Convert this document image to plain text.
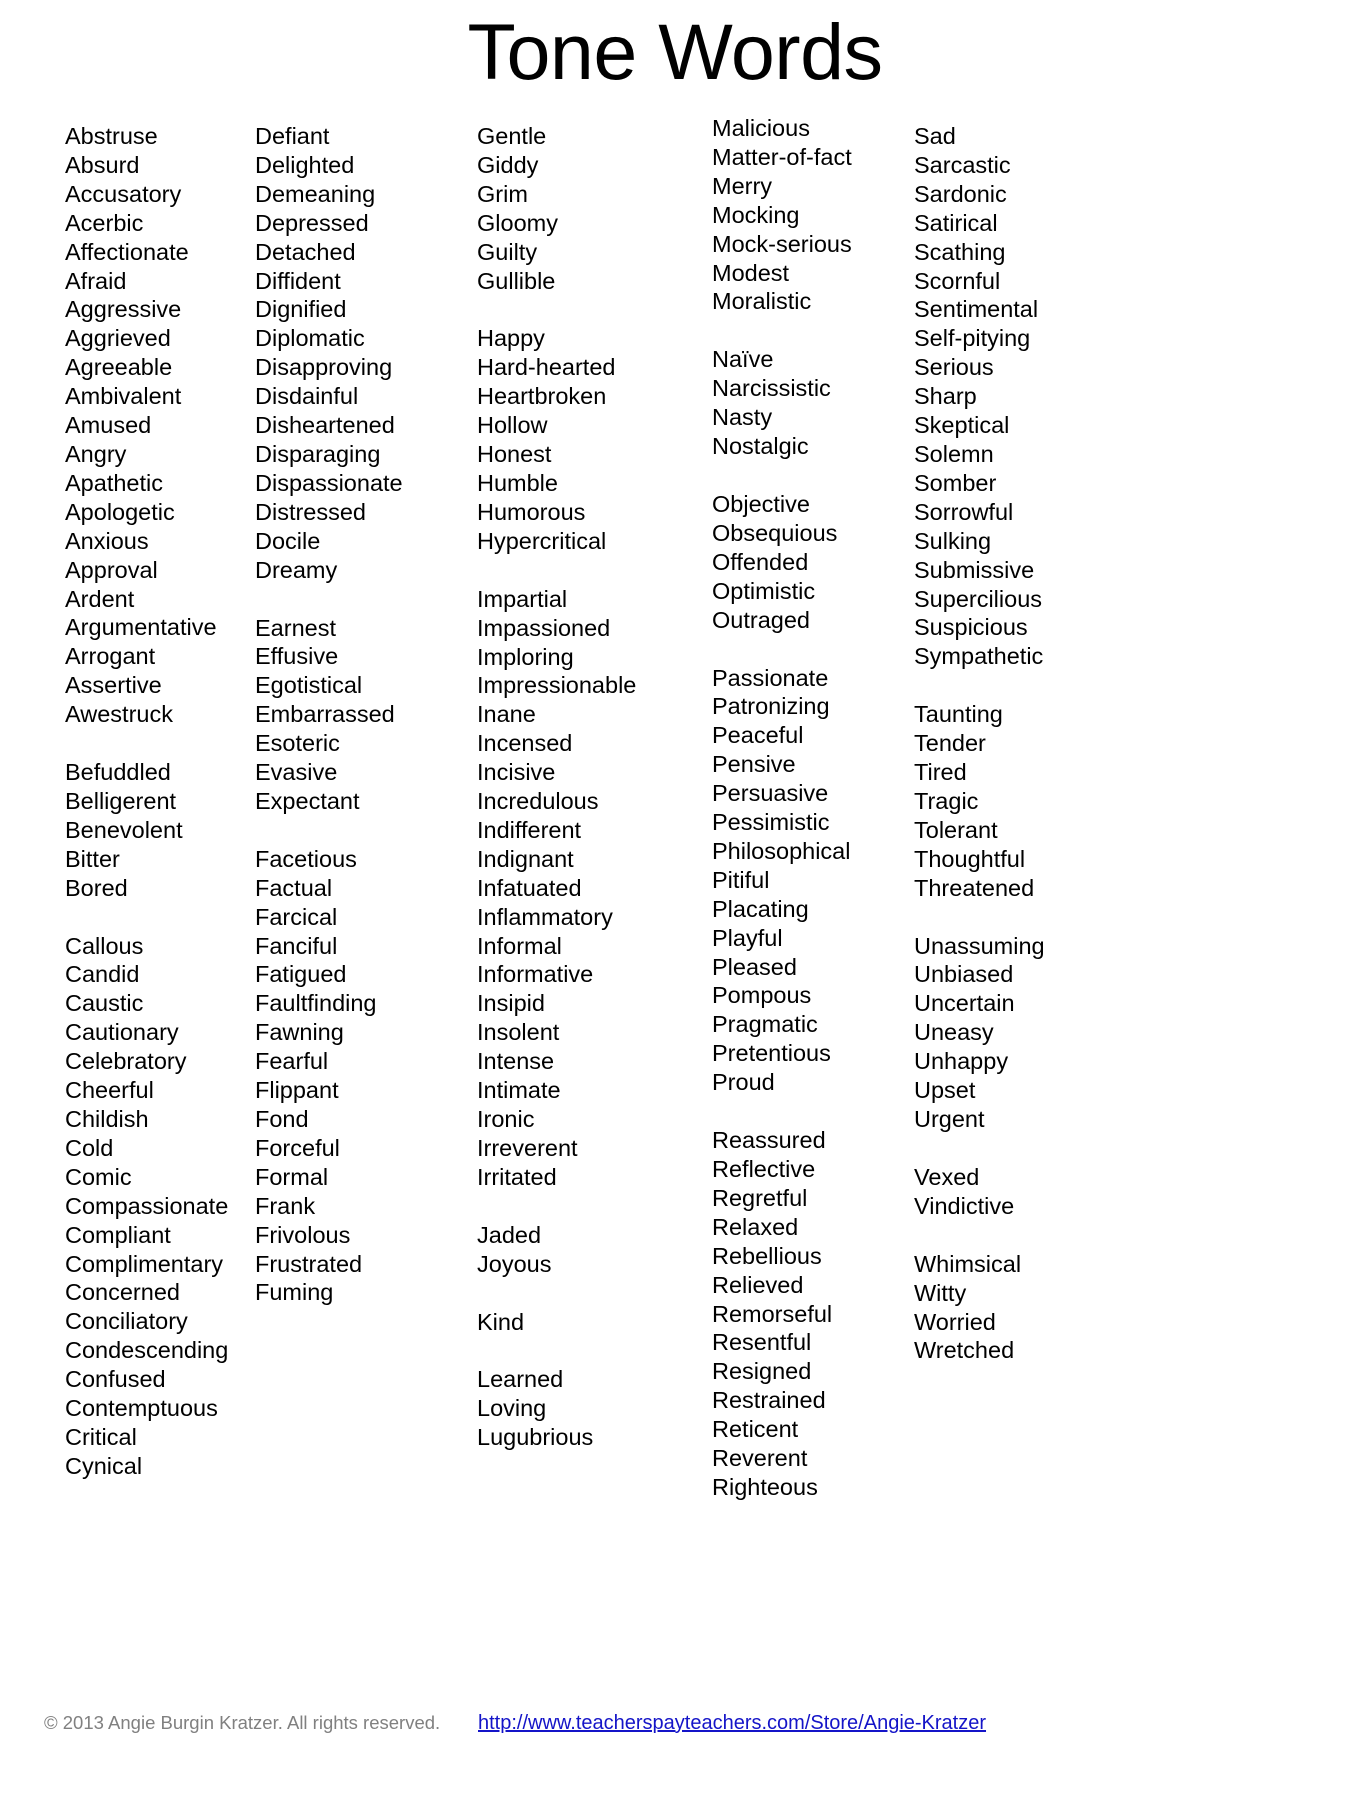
Tone Words
Abstruse
Absurd
Accusatory
Acerbic
Affectionate
Afraid
Aggressive
Aggrieved
Agreeable
Ambivalent
Amused
Angry
Apathetic
Apologetic
Anxious
Approval
Ardent
Argumentative
Arrogant
Assertive
Awestruck
Befuddled
Belligerent
Benevolent
Bitter
Bored
Callous
Candid
Caustic
Cautionary
Celebratory
Cheerful
Childish
Cold
Comic
Compassionate
Compliant
Complimentary
Concerned
Conciliatory
Condescending
Confused
Contemptuous
Critical
Cynical
Defiant
Delighted
Demeaning
Depressed
Detached
Diffident
Dignified
Diplomatic
Disapproving
Disdainful
Disheartened
Disparaging
Dispassionate
Distressed
Docile
Dreamy
Earnest
Effusive
Egotistical
Embarrassed
Esoteric
Evasive
Expectant
Facetious
Factual
Farcical
Fanciful
Fatigued
Faultfinding
Fawning
Fearful
Flippant
Fond
Forceful
Formal
Frank
Frivolous
Frustrated
Fuming
Gentle
Giddy
Grim
Gloomy
Guilty
Gullible
Happy
Hard-hearted
Heartbroken
Hollow
Honest
Humble
Humorous
Hypercritical
Impartial
Impassioned
Imploring
Impressionable
Inane
Incensed
Incisive
Incredulous
Indifferent
Indignant
Infatuated
Inflammatory
Informal
Informative
Insipid
Insolent
Intense
Intimate
Ironic
Irreverent
Irritated
Jaded
Joyous
Kind
Learned
Loving
Lugubrious
Malicious
Matter-of-fact
Merry
Mocking
Mock-serious
Modest
Moralistic
Naïve
Narcissistic
Nasty
Nostalgic
Objective
Obsequious
Offended
Optimistic
Outraged
Passionate
Patronizing
Peaceful
Pensive
Persuasive
Pessimistic
Philosophical
Pitiful
Placating
Playful
Pleased
Pompous
Pragmatic
Pretentious
Proud
Reassured
Reflective
Regretful
Relaxed
Rebellious
Relieved
Remorseful
Resentful
Resigned
Restrained
Reticent
Reverent
Righteous
Sad
Sarcastic
Sardonic
Satirical
Scathing
Scornful
Sentimental
Self-pitying
Serious
Sharp
Skeptical
Solemn
Somber
Sorrowful
Sulking
Submissive
Supercilious
Suspicious
Sympathetic
Taunting
Tender
Tired
Tragic
Tolerant
Thoughtful
Threatened
Unassuming
Unbiased
Uncertain
Uneasy
Unhappy
Upset
Urgent
Vexed
Vindictive
Whimsical
Witty
Worried
Wretched
© 2013 Angie Burgin Kratzer. All rights reserved. http://www.teacherspayteachers.com/Store/Angie-Kratzer
